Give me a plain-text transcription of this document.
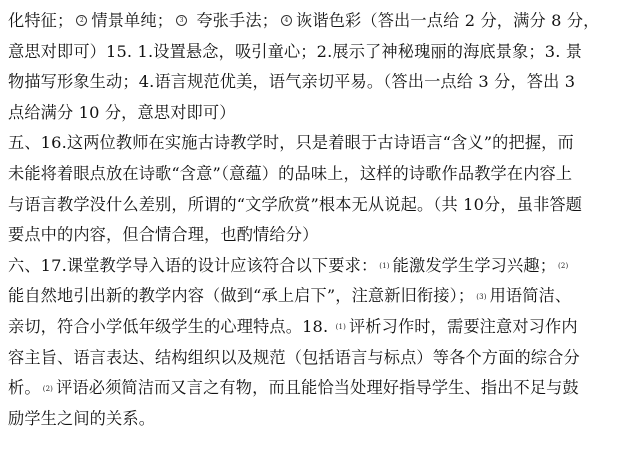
化特征； 2 情景单纯； 3 夸张手法； 4 诙谐色彩（答出一点给 2 分，满分 8 分，
意思对即可）15. 1.设置悬念，吸引童心；2.展示了神秘瑰丽的海底景象；3. 景
物描写形象生动；4.语言规范优美，语气亲切平易。（答出一点给 3 分，答出 3
点给满分 10 分，意思对即可）
五、16.这两位教师在实施古诗教学时，只是着眼于古诗语言“含义”的把握，而
未能将着眼点放在诗歌“含意”（意蕴）的品味上，这样的诗歌作品教学在内容上
与语言教学没什么差别，所谓的“文学欣赏”根本无从说起。（共 10分，虽非答题
要点中的内容，但合情合理，也酌情给分）
六、17.课堂教学导入语的设计应该符合以下要求： (1) 能激发学生学习兴趣； (2)
能自然地引出新的教学内容（做到“承上启下”，注意新旧衔接）； (3) 用语简洁、
亲切，符合小学低年级学生的心理特点。18. (1) 评析习作时，需要注意对习作内
容主旨、语言表达、结构组织以及规范（包括语言与标点）等各个方面的综合分
析。 (2) 评语必须简洁而又言之有物，而且能恰当处理好指导学生、指出不足与鼓
励学生之间的关系。
